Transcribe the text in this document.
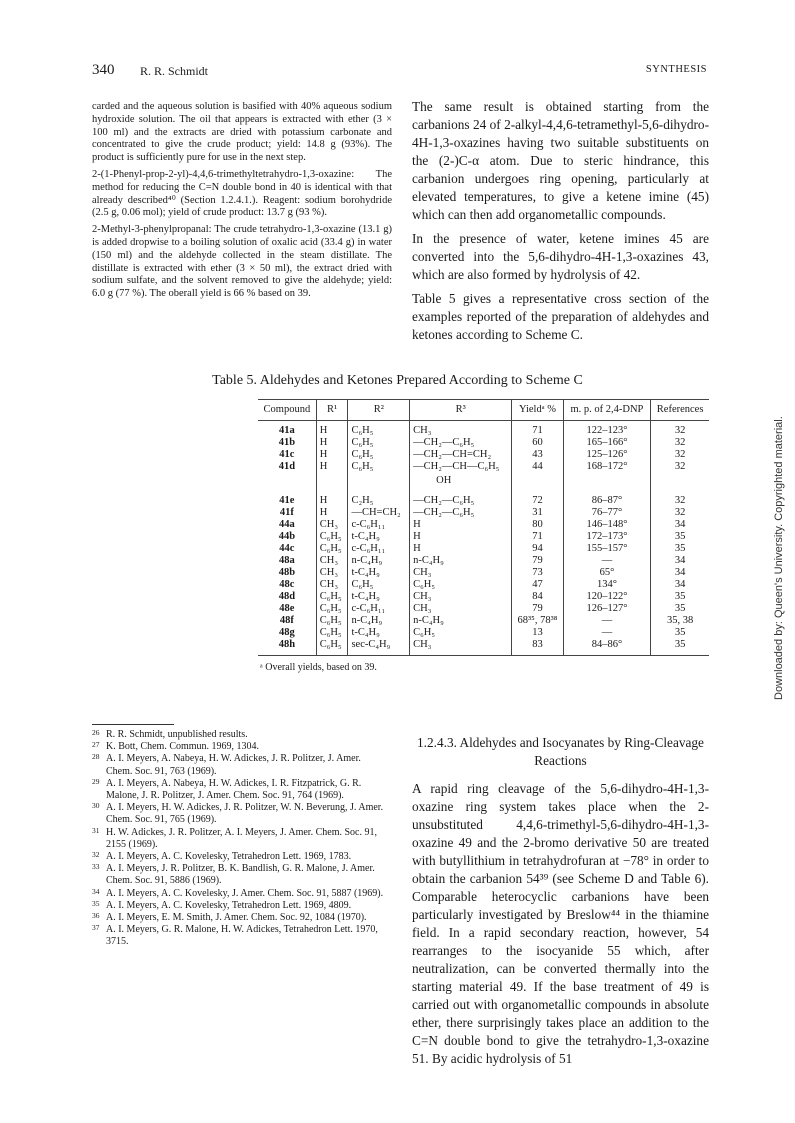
340 R. R. Schmidt	SYNTHESIS

carded and the aqueous solution is basified with 40% aqueous sodium hydroxide solution. The oil that appears is extracted with ether (3 × 100 ml) and the extracts are dried with potassium carbonate and concentrated to give the crude product; yield: 14.8 g (93%). The product is sufficiently pure for use in the next step.

2-(1-Phenyl-prop-2-yl)-4,4,6-trimethyltetrahydro-1,3-oxazine: The method for reducing the C=N double bond in 40 is identical with that already described⁴⁰ (Section 1.2.4.1.). Reagent: sodium borohydride (2.5 g, 0.06 mol); yield of crude product: 13.7 g (93 %).

2-Methyl-3-phenylpropanal: The crude tetrahydro-1,3-oxazine (13.1 g) is added dropwise to a boiling solution of oxalic acid (33.4 g) in water (150 ml) and the aldehyde collected in the steam distillate. The distillate is extracted with ether (3 × 50 ml), the extract dried with sodium sulfate, and the solvent removed to give the aldehyde; yield: 6.0 g (77 %). The oberall yield is 66 % based on 39.

The same result is obtained starting from the carbanions 24 of 2-alkyl-4,4,6-tetramethyl-5,6-dihydro-4H-1,3-oxazines having two suitable substituents on the (2-)C-α atom. Due to steric hindrance, this carbanion undergoes ring opening, particularly at elevated temperatures, to give a ketene imine (45) which can then add organometallic compounds.

In the presence of water, ketene imines 45 are converted into the 5,6-dihydro-4H-1,3-oxazines 43, which are also formed by hydrolysis of 42.

Table 5 gives a representative cross section of the examples reported of the preparation of aldehydes and ketones according to Scheme C.

Table 5. Aldehydes and Ketones Prepared According to Scheme C
Compound	R¹	R²	R³	Yieldᵃ %	m. p. of 2,4-DNP	References
41a	H	C₆H₅	CH₃	71	122–123°	32
41b	H	C₆H₅	—CH₂—C₆H₅	60	165–166°	32
41c	H	C₆H₅	—CH₂—CH=CH₂	43	125–126°	32
41d	H	C₆H₅	—CH₂—CH—C₆H₅	44	168–172°	32
			OH			
41e	H	C₂H₅	—CH₂—C₆H₅	72	86–87°	32
41f	H	—CH=CH₂	—CH₂—C₆H₅	31	76–77°	32
44a	CH₃	c-C₆H₁₁	H	80	146–148°	34
44b	C₆H₅	t-C₄H₉	H	71	172–173°	35
44c	C₆H₅	c-C₆H₁₁	H	94	155–157°	35
48a	CH₃	n-C₄H₉	n-C₄H₉	79	—	34
48b	CH₃	t-C₄H₉	CH₃	73	65°	34
48c	CH₃	C₆H₅	C₆H₅	47	134°	34
48d	C₆H₅	t-C₄H₉	CH₃	84	120–122°	35
48e	C₆H₅	c-C₆H₁₁	CH₃	79	126–127°	35
48f	C₆H₅	n-C₄H₉	n-C₄H₉	68³⁵, 78³⁸	—	35, 38
48g	C₆H₅	t-C₄H₉	C₆H₅	13	—	35
48h	C₆H₅	sec-C₄H₉	CH₃	83	84–86°	35
ᵃ Overall yields, based on 39.
26 R. R. Schmidt, unpublished results.
27 K. Bott, Chem. Commun. 1969, 1304.
28 A. I. Meyers, A. Nabeya, H. W. Adickes, J. R. Politzer, J. Amer. Chem. Soc. 91, 763 (1969).
29 A. I. Meyers, A. Nabeya, H. W. Adickes, I. R. Fitzpatrick, G. R. Malone, J. R. Politzer, J. Amer. Chem. Soc. 91, 764 (1969).
30 A. I. Meyers, H. W. Adickes, J. R. Politzer, W. N. Beverung, J. Amer. Chem. Soc. 91, 765 (1969).
31 H. W. Adickes, J. R. Politzer, A. I. Meyers, J. Amer. Chem. Soc. 91, 2155 (1969).
32 A. I. Meyers, A. C. Kovelesky, Tetrahedron Lett. 1969, 1783.
33 A. I. Meyers, J. R. Politzer, B. K. Bandlish, G. R. Malone, J. Amer. Chem. Soc. 91, 5886 (1969).
34 A. I. Meyers, A. C. Kovelesky, J. Amer. Chem. Soc. 91, 5887 (1969).
35 A. I. Meyers, A. C. Kovelesky, Tetrahedron Lett. 1969, 4809.
36 A. I. Meyers, E. M. Smith, J. Amer. Chem. Soc. 92, 1084 (1970).
37 A. I. Meyers, G. R. Malone, H. W. Adickes, Tetrahedron Lett. 1970, 3715.

1.2.4.3. Aldehydes and Isocyanates by Ring-Cleavage Reactions

A rapid ring cleavage of the 5,6-dihydro-4H-1,3-oxazine ring system takes place when the 2-unsubstituted 4,4,6-trimethyl-5,6-dihydro-4H-1,3-oxazine 49 and the 2-bromo derivative 50 are treated with butyllithium in tetrahydrofuran at −78° in order to obtain the carbanion 54³⁹ (see Scheme D and Table 6). Comparable heterocyclic carbanions have been particularly investigated by Breslow⁴⁴ in the thiamine field. In a rapid secondary reaction, however, 54 rearranges to the isocyanide 55 which, after neutralization, can be converted thermally into the starting material 49. If the base treatment of 49 is carried out with organometallic compounds in absolute ether, there surprisingly takes place an addition to the C=N double bond to give the tetrahydro-1,3-oxazine 51. By acidic hydrolysis of 51

Downloaded by: Queen's University. Copyrighted material.
